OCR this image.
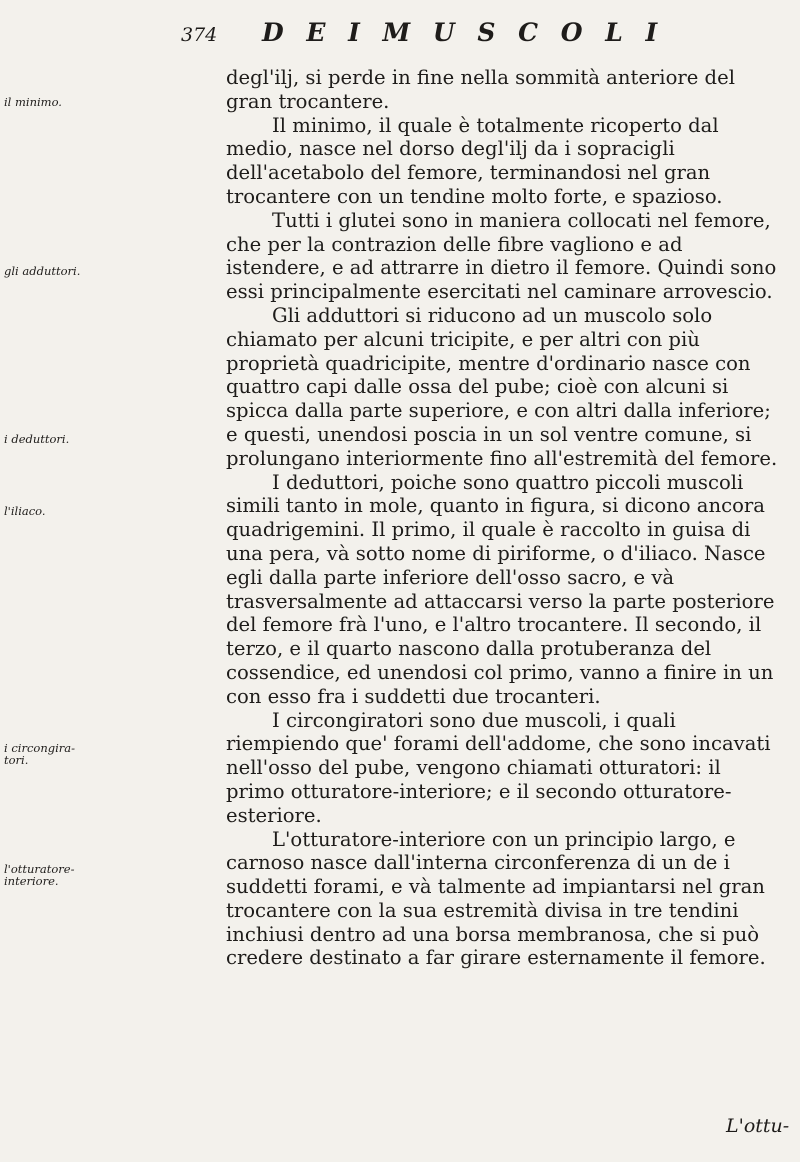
374 D E I M U S C O L I
il minimo.
gli adduttori.
i deduttori.
l'iliaco.
i circongira-tori.
l'otturatore-interiore.

degl'ilj, si perde in fine nella sommità anteriore del gran trocantere.

Il minimo, il quale è totalmente ricoperto dal medio, nasce nel dorso degl'ilj da i sopracigli dell'acetabolo del femore, terminandosi nel gran trocantere con un tendine molto forte, e spazioso.

Tutti i glutei sono in maniera collocati nel femore, che per la contrazion delle fibre vagliono e ad istendere, e ad attrarre in dietro il femore. Quindi sono essi principalmente esercitati nel caminare arrovescio.

Gli adduttori si riducono ad un muscolo solo chiamato per alcuni tricipite, e per altri con più proprietà quadricipite, mentre d'ordinario nasce con quattro capi dalle ossa del pube; cioè con alcuni si spicca dalla parte superiore, e con altri dalla inferiore; e questi, unendosi poscia in un sol ventre comune, si prolungano interiormente fino all'estremità del femore.

I deduttori, poiche sono quattro piccoli muscoli simili tanto in mole, quanto in figura, si dicono ancora quadrigemini. Il primo, il quale è raccolto in guisa di una pera, và sotto nome di piriforme, o d'iliaco. Nasce egli dalla parte inferiore dell'osso sacro, e và trasversalmente ad attaccarsi verso la parte posteriore del femore frà l'uno, e l'altro trocantere. Il secondo, il terzo, e il quarto nascono dalla protuberanza del cossendice, ed unendosi col primo, vanno a finire in un con esso fra i suddetti due trocanteri.

I circongiratori sono due muscoli, i quali riempiendo que' forami dell'addome, che sono incavati nell'osso del pube, vengono chiamati otturatori: il primo otturatore-interiore; e il secondo otturatore-esteriore.

L'otturatore-interiore con un principio largo, e carnoso nasce dall'interna circonferenza di un de i suddetti forami, e và talmente ad impiantarsi nel gran trocantere con la sua estremità divisa in tre tendini inchiusi dentro ad una borsa membranosa, che si può credere destinato a far girare esternamente il femore.

L'ottu-
